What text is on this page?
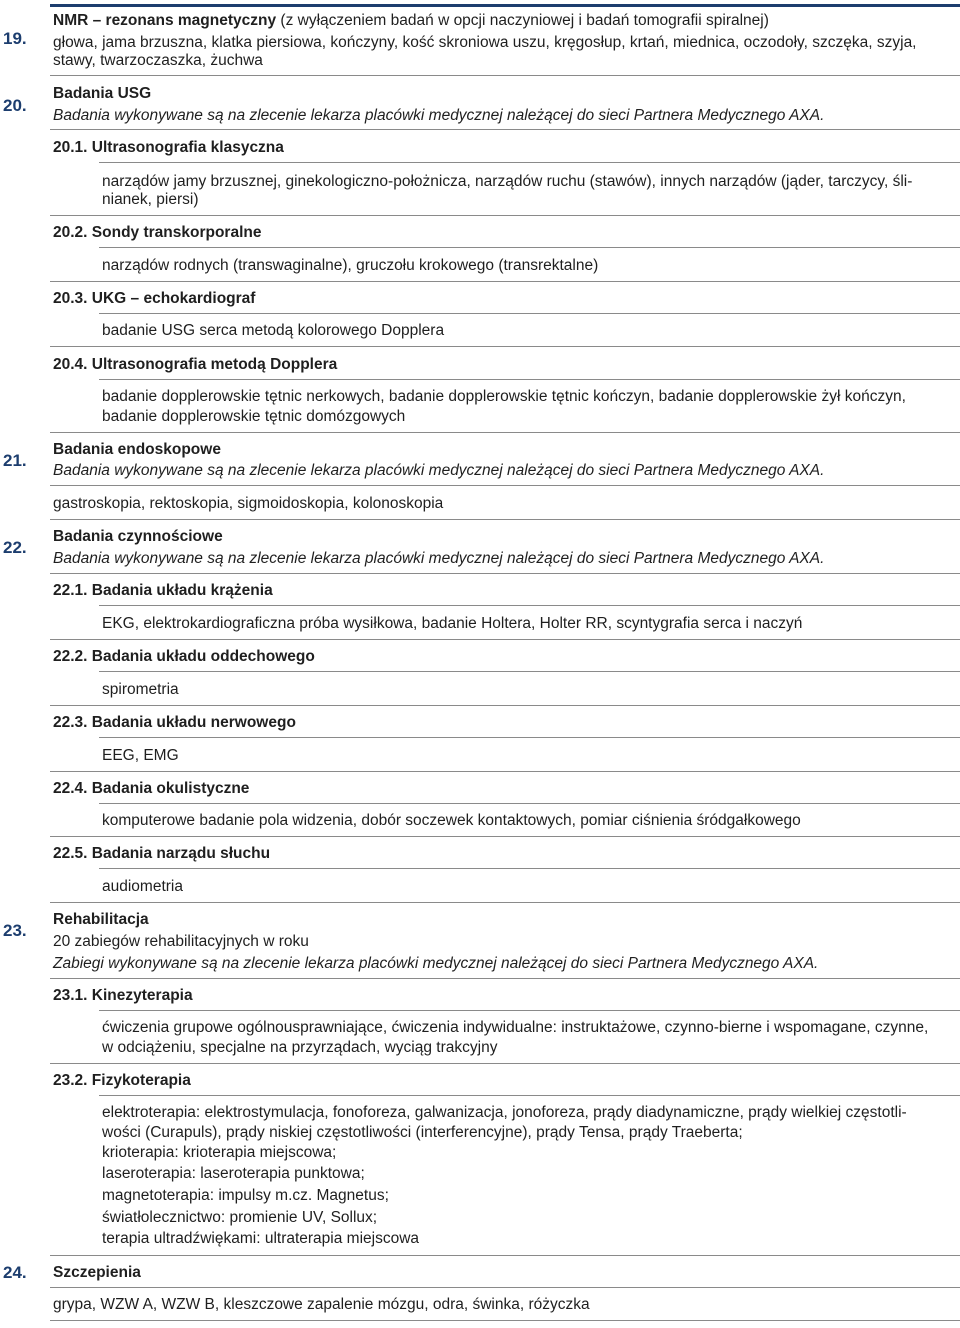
19.
NMR – rezonans magnetyczny (z wyłączeniem badań w opcji naczyniowej i badań tomografii spiralnej)
głowa, jama brzuszna, klatka piersiowa, kończyny, kość skroniowa uszu, kręgosłup, krtań, miednica, oczodoły, szczęka, szyja,
stawy, twarzoczaszka, żuchwa
20.
Badania USG
Badania wykonywane są na zlecenie lekarza placówki medycznej należącej do sieci Partnera Medycznego AXA.
20.1. Ultrasonografia klasyczna
narządów jamy brzusznej, ginekologiczno-położnicza, narządów ruchu (stawów), innych narządów (jąder, tarczycy, śli-
nianek, piersi)
20.2. Sondy transkorporalne
narządów rodnych (transwaginalne), gruczołu krokowego (transrektalne)
20.3. UKG – echokardiograf
badanie USG serca metodą kolorowego Dopplera
20.4. Ultrasonografia metodą Dopplera
badanie dopplerowskie tętnic nerkowych, badanie dopplerowskie tętnic kończyn, badanie dopplerowskie żył kończyn,
badanie dopplerowskie tętnic domózgowych
21.
Badania endoskopowe
Badania wykonywane są na zlecenie lekarza placówki medycznej należącej do sieci Partnera Medycznego AXA.
gastroskopia, rektoskopia, sigmoidoskopia, kolonoskopia
22.
Badania czynnościowe
Badania wykonywane są na zlecenie lekarza placówki medycznej należącej do sieci Partnera Medycznego AXA.
22.1. Badania układu krążenia
EKG, elektrokardiograficzna próba wysiłkowa, badanie Holtera, Holter RR, scyntygrafia serca i naczyń
22.2. Badania układu oddechowego
spirometria
22.3. Badania układu nerwowego
EEG, EMG
22.4. Badania okulistyczne
komputerowe badanie pola widzenia, dobór soczewek kontaktowych, pomiar ciśnienia śródgałkowego
22.5. Badania narządu słuchu
audiometria
23.
Rehabilitacja
20 zabiegów rehabilitacyjnych w roku
Zabiegi wykonywane są na zlecenie lekarza placówki medycznej należącej do sieci Partnera Medycznego AXA.
23.1. Kinezyterapia
ćwiczenia grupowe ogólnousprawniające, ćwiczenia indywidualne: instruktażowe, czynno-bierne i wspomagane, czynne,
w odciążeniu, specjalne na przyrządach, wyciąg trakcyjny
23.2. Fizykoterapia
elektroterapia: elektrostymulacja, fonoforeza, galwanizacja, jonoforeza, prądy diadynamiczne, prądy wielkiej częstotli-
wości (Curapuls), prądy niskiej częstotliwości (interferencyjne), prądy Tensa, prądy Traeberta;
krioterapia: krioterapia miejscowa;
laseroterapia: laseroterapia punktowa;
magnetoterapia: impulsy m.cz. Magnetus;
światłolecznictwo: promienie UV, Sollux;
terapia ultradźwiękami: ultraterapia miejscowa
24.	Szczepienia
grypa, WZW A, WZW B, kleszczowe zapalenie mózgu, odra, świnka, różyczka
